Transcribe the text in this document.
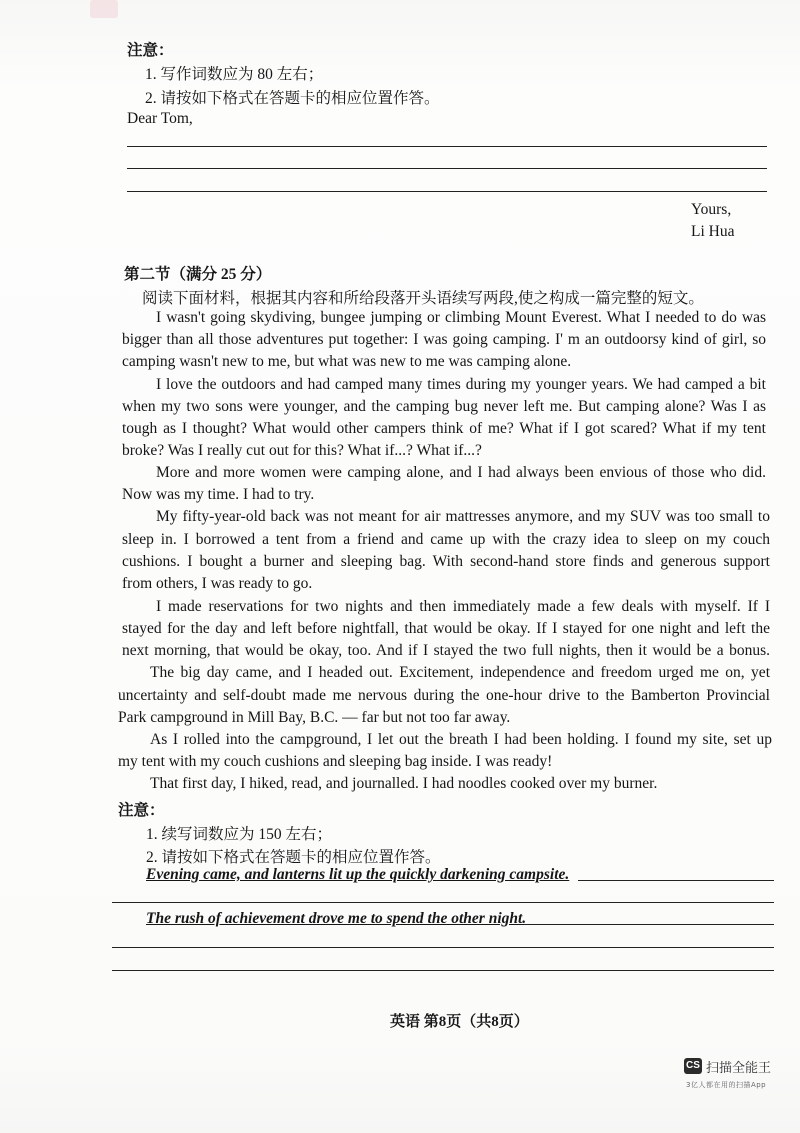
注意：
1. 写作词数应为 80 左右；
2. 请按如下格式在答题卡的相应位置作答。
Dear Tom,
Yours,
Li Hua
第二节（满分 25 分）
阅读下面材料，根据其内容和所给段落开头语续写两段,使之构成一篇完整的短文。
I wasn't going skydiving, bungee jumping or climbing Mount Everest. What I needed to do was
bigger than all those adventures put together: I was going camping. I' m an outdoorsy kind of girl, so
camping wasn't new to me, but what was new to me was camping alone.
I love the outdoors and had camped many times during my younger years. We had camped a bit
when my two sons were younger, and the camping bug never left me. But camping alone? Was I as
tough as I thought? What would other campers think of me? What if I got scared? What if my tent
broke? Was I really cut out for this? What if...? What if...?
More and more women were camping alone, and I had always been envious of those who did.
Now was my time. I had to try.
My fifty-year-old back was not meant for air mattresses anymore, and my SUV was too small to
sleep in. I borrowed a tent from a friend and came up with the crazy idea to sleep on my couch
cushions. I bought a burner and sleeping bag. With second-hand store finds and generous support
from others, I was ready to go.
I made reservations for two nights and then immediately made a few deals with myself. If I
stayed for the day and left before nightfall, that would be okay. If I stayed for one night and left the
next morning, that would be okay, too. And if I stayed the two full nights, then it would be a bonus.
The big day came, and I headed out. Excitement, independence and freedom urged me on, yet
uncertainty and self-doubt made me nervous during the one-hour drive to the Bamberton Provincial
Park campground in Mill Bay, B.C. — far but not too far away.
As I rolled into the campground, I let out the breath I had been holding. I found my site, set up
my tent with my couch cushions and sleeping bag inside. I was ready!
That first day, I hiked, read, and journalled. I had noodles cooked over my burner.
注意：
1. 续写词数应为 150 左右；
2. 请按如下格式在答题卡的相应位置作答。
Evening came, and lanterns lit up the quickly darkening campsite.
The rush of achievement drove me to spend the other night.
英语 第8页（共8页）
CS 扫描全能王
3亿人都在用的扫描App
